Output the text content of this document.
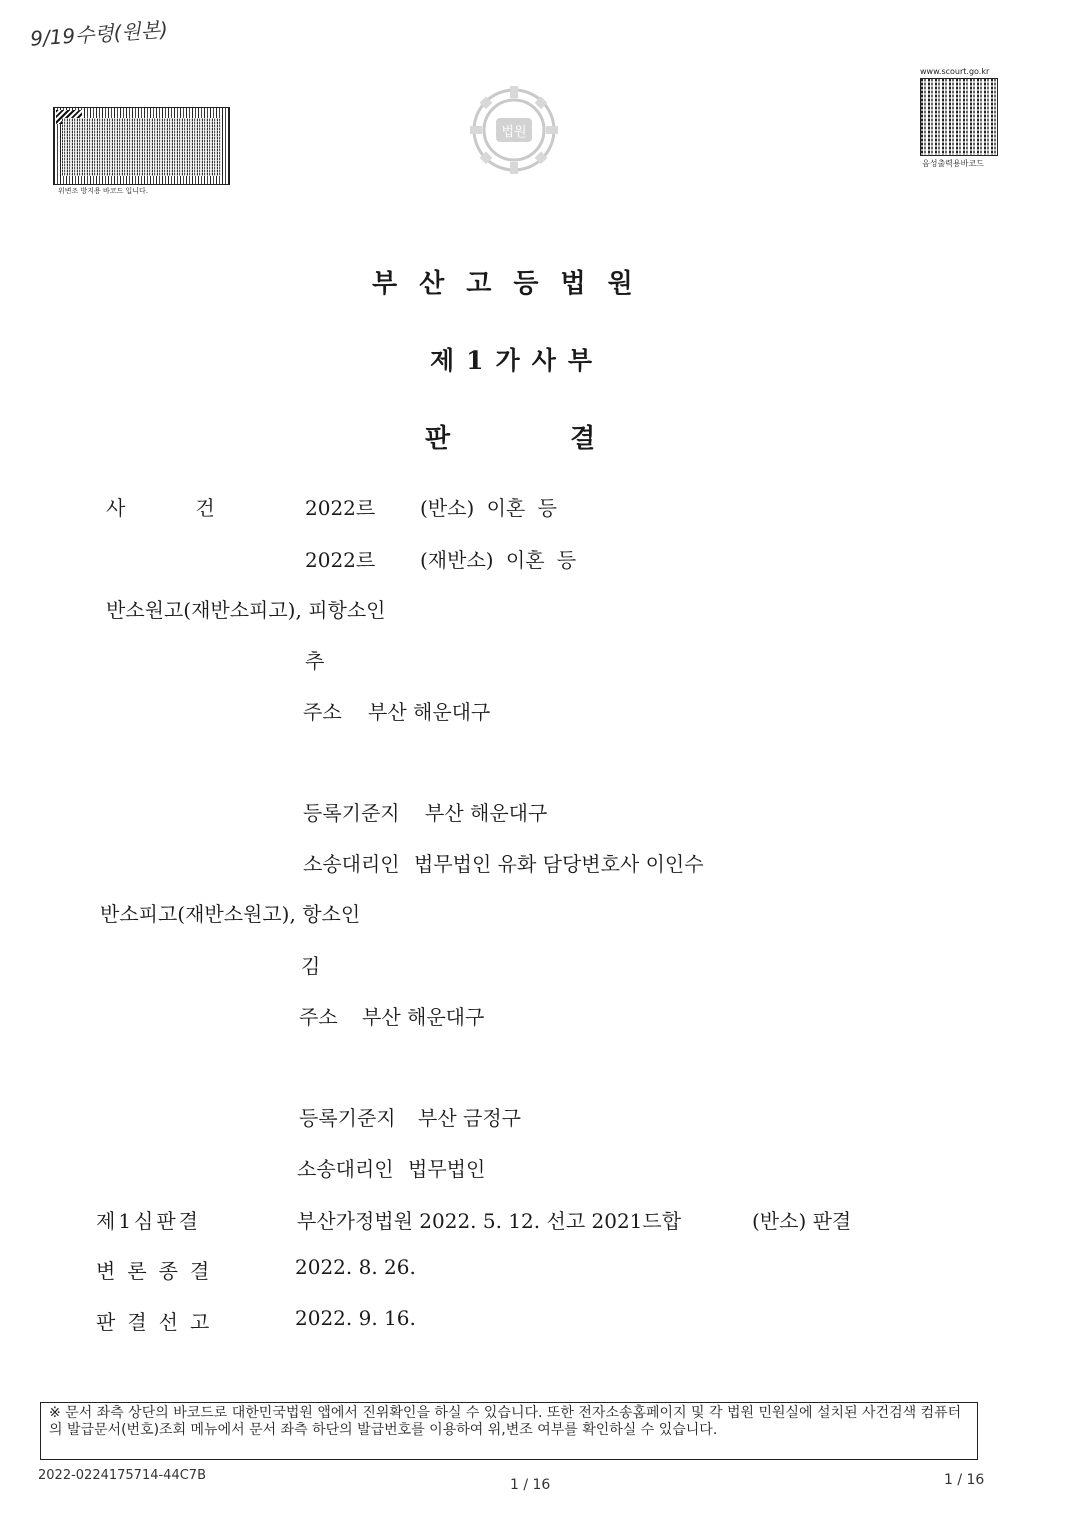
9/19수령(원본)
위변조 방지용 바코드 입니다.
법원
www.scourt.go.kr
음성출력용바코드
부산고등법원
제1가사부
판결
사건 2022르 (반소) 이혼 등
2022르 (재반소) 이혼 등
반소원고(재반소피고), 피항소인
추
주소 부산 해운대구
등록기준지 부산 해운대구
소송대리인 법무법인 유화 담당변호사 이인수
반소피고(재반소원고), 항소인
김
주소 부산 해운대구
등록기준지 부산 금정구
소송대리인 법무법인
제1심판결	부산가정법원 2022. 5. 12. 선고 2021드합	(반소) 판결
변론종결	2022. 8. 26.
판결선고	2022. 9. 16.
※ 문서 좌측 상단의 바코드로 대한민국법원 앱에서 진위확인을 하실 수 있습니다. 또한 전자소송홈페이지 및 각 법원 민원실에 설치된 사건검색 컴퓨터의 발급문서(번호)조회 메뉴에서 문서 좌측 하단의 발급번호를 이용하여 위,변조 여부를 확인하실 수 있습니다.
2022-0224175714-44C7B
1 / 16	1 / 16
